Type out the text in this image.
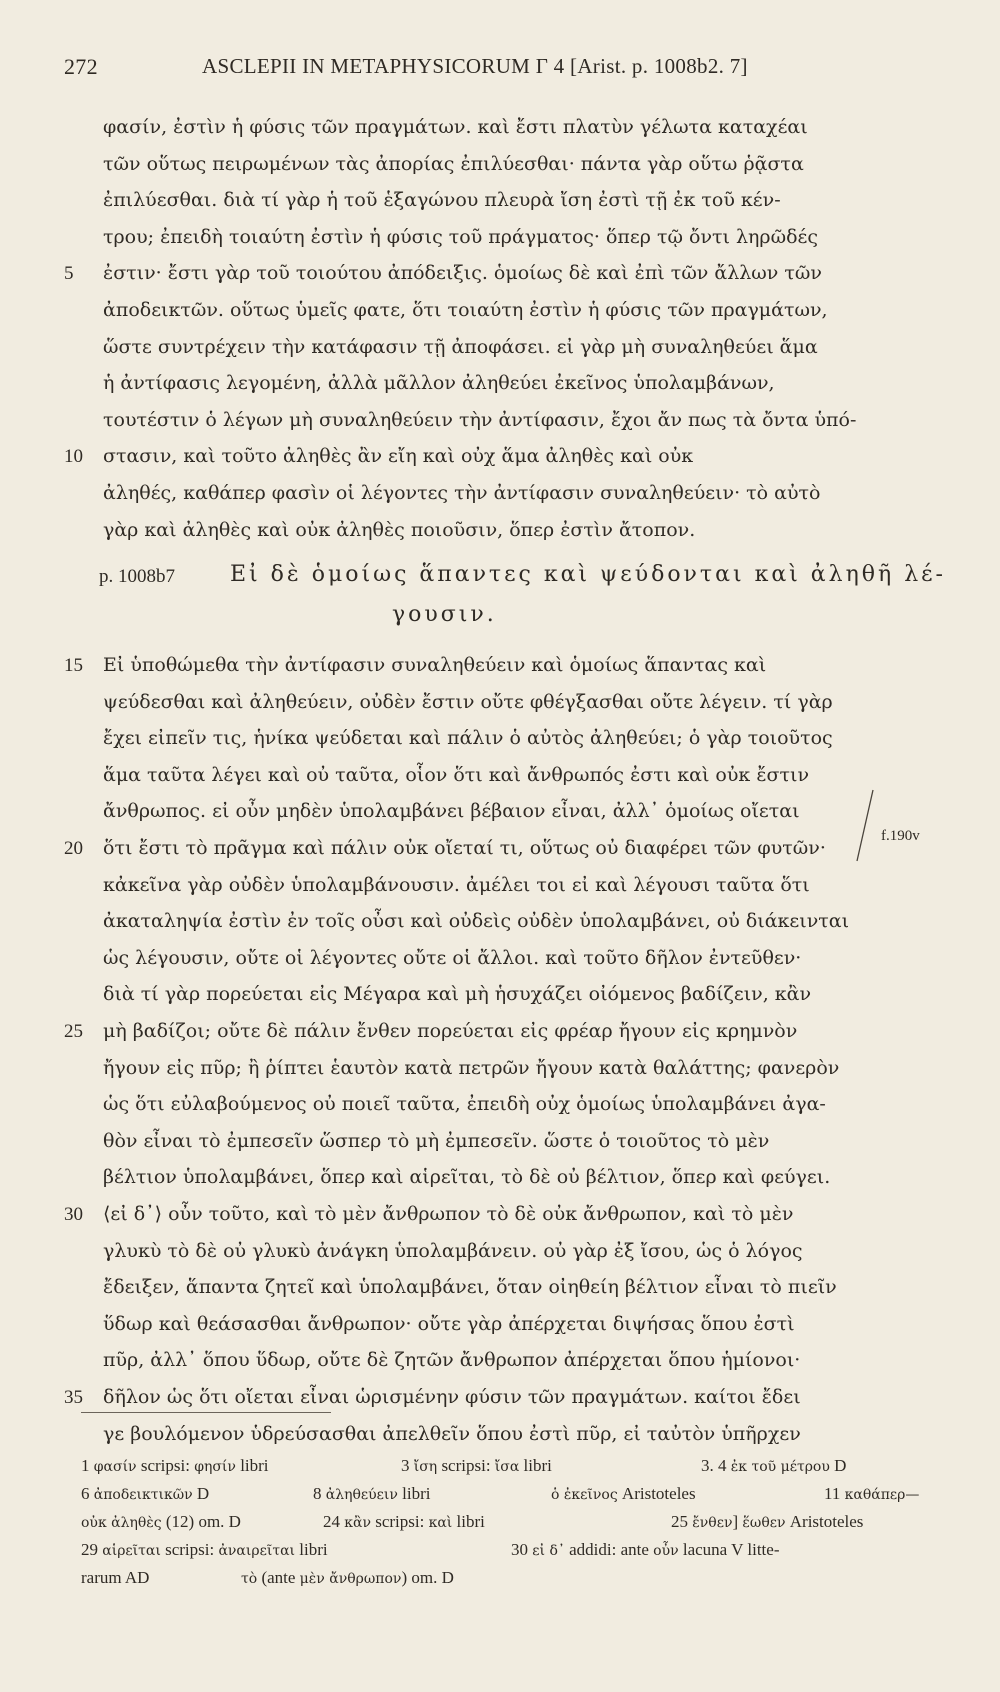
272	ASCLEPII IN METAPHYSICORUM Γ 4 [Arist. p. 1008b2. 7]
φασίν, ἐστὶν ἡ φύσις τῶν πραγμάτων. καὶ ἔστι πλατὺν γέλωτα καταχέαι
τῶν οὕτως πειρωμένων τὰς ἀπορίας ἐπιλύεσθαι· πάντα γὰρ οὕτω ῥᾷστα
ἐπιλύεσθαι. διὰ τί γὰρ ἡ τοῦ ἑξαγώνου πλευρὰ ἴση ἐστὶ τῇ ἐκ τοῦ κέν-
τρου; ἐπειδὴ τοιαύτη ἐστὶν ἡ φύσις τοῦ πράγματος· ὅπερ τῷ ὄντι ληρῶδές
5 ἐστιν· ἔστι γὰρ τοῦ τοιούτου ἀπόδειξις. ὁμοίως δὲ καὶ ἐπὶ τῶν ἄλλων τῶν
ἀποδεικτῶν. οὕτως ὑμεῖς φατε, ὅτι τοιαύτη ἐστὶν ἡ φύσις τῶν πραγμάτων,
ὥστε συντρέχειν τὴν κατάφασιν τῇ ἀποφάσει. εἰ γὰρ μὴ συναληθεύει ἅμα
ἡ ἀντίφασις λεγομένη, ἀλλὰ μᾶλλον ἀληθεύει ἐκεῖνος ὑπολαμβάνων,
τουτέστιν ὁ λέγων μὴ συναληθεύειν τὴν ἀντίφασιν, ἔχοι ἄν πως τὰ ὄντα ὑπό-
10 στασιν, καὶ τοῦτο ἀληθὲς ἂν εἴη καὶ οὐχ ἅμα ἀληθὲς καὶ οὐκ
ἀληθές, καθάπερ φασὶν οἱ λέγοντες τὴν ἀντίφασιν συναληθεύειν· τὸ αὐτὸ
γὰρ καὶ ἀληθὲς καὶ οὐκ ἀληθὲς ποιοῦσιν, ὅπερ ἐστὶν ἄτοπον.
p. 1008b7	Εἰ δὲ ὁμοίως ἅπαντες καὶ ψεύδονται καὶ ἀληθῆ λέ-
γουσιν.
15 Εἰ ὑποθώμεθα τὴν ἀντίφασιν συναληθεύειν καὶ ὁμοίως ἅπαντας καὶ
ψεύδεσθαι καὶ ἀληθεύειν, οὐδὲν ἔστιν οὔτε φθέγξασθαι οὔτε λέγειν. τί γὰρ
ἔχει εἰπεῖν τις, ἡνίκα ψεύδεται καὶ πάλιν ὁ αὐτὸς ἀληθεύει; ὁ γὰρ τοιοῦτος
ἅμα ταῦτα λέγει καὶ οὐ ταῦτα, οἷον ὅτι καὶ ἄνθρωπός ἐστι καὶ οὐκ ἔστιν
ἄνθρωπος. εἰ οὖν μηδὲν ὑπολαμβάνει βέβαιον εἶναι, ἀλλ᾽ ὁμοίως οἴεται
20 ὅτι ἔστι τὸ πρᾶγμα καὶ πάλιν οὐκ οἴεταί τι, οὕτως οὐ διαφέρει τῶν φυτῶν·
κἀκεῖνα γὰρ οὐδὲν ὑπολαμβάνουσιν. ἀμέλει τοι εἰ καὶ λέγουσι ταῦτα ὅτι
ἀκαταληψία ἐστὶν ἐν τοῖς οὖσι καὶ οὐδεὶς οὐδὲν ὑπολαμβάνει, οὐ διάκεινται
ὡς λέγουσιν, οὔτε οἱ λέγοντες οὔτε οἱ ἄλλοι. καὶ τοῦτο δῆλον ἐντεῦθεν·
διὰ τί γὰρ πορεύεται εἰς Μέγαρα καὶ μὴ ἡσυχάζει οἰόμενος βαδίζειν, κἂν
25 μὴ βαδίζοι; οὔτε δὲ πάλιν ἔνθεν πορεύεται εἰς φρέαρ ἤγουν εἰς κρημνὸν
ἤγουν εἰς πῦρ; ἢ ῥίπτει ἑαυτὸν κατὰ πετρῶν ἤγουν κατὰ θαλάττης; φανερὸν
ὡς ὅτι εὐλαβούμενος οὐ ποιεῖ ταῦτα, ἐπειδὴ οὐχ ὁμοίως ὑπολαμβάνει ἀγα-
θὸν εἶναι τὸ ἐμπεσεῖν ὥσπερ τὸ μὴ ἐμπεσεῖν. ὥστε ὁ τοιοῦτος τὸ μὲν
βέλτιον ὑπολαμβάνει, ὅπερ καὶ αἱρεῖται, τὸ δὲ οὐ βέλτιον, ὅπερ καὶ φεύγει.
30 ⟨εἰ δ᾽⟩ οὖν τοῦτο, καὶ τὸ μὲν ἄνθρωπον τὸ δὲ οὐκ ἄνθρωπον, καὶ τὸ μὲν
γλυκὺ τὸ δὲ οὐ γλυκὺ ἀνάγκη ὑπολαμβάνειν. οὐ γὰρ ἐξ ἴσου, ὡς ὁ λόγος
ἔδειξεν, ἅπαντα ζητεῖ καὶ ὑπολαμβάνει, ὅταν οἰηθείη βέλτιον εἶναι τὸ πιεῖν
ὕδωρ καὶ θεάσασθαι ἄνθρωπον· οὔτε γὰρ ἀπέρχεται διψήσας ὅπου ἐστὶ
πῦρ, ἀλλ᾽ ὅπου ὕδωρ, οὔτε δὲ ζητῶν ἄνθρωπον ἀπέρχεται ὅπου ἡμίονοι·
35 δῆλον ὡς ὅτι οἴεται εἶναι ὡρισμένην φύσιν τῶν πραγμάτων. καίτοι ἔδει
γε βουλόμενον ὑδρεύσασθαι ἀπελθεῖν ὅπου ἐστὶ πῦρ, εἰ ταὐτὸν ὑπῆρχεν
f.190v
1 φασίν scripsi: φησίν libri	3 ἴση scripsi: ἴσα libri	3. 4 ἐκ τοῦ μέτρου D
6 ἀποδεικτικῶν D	8 ἀληθεύειν libri	ὁ ἐκεῖνος Aristoteles	11 καθάπερ—
οὐκ ἀληθὲς (12) om. D	24 κἂν scripsi: καὶ libri	25 ἔνθεν] ἕωθεν Aristoteles
29 αἱρεῖται scripsi: ἀναιρεῖται libri	30 εἰ δ᾽ addidi: ante οὖν lacuna V litte-
rarum AD	τὸ (ante μὲν ἄνθρωπον) om. D
